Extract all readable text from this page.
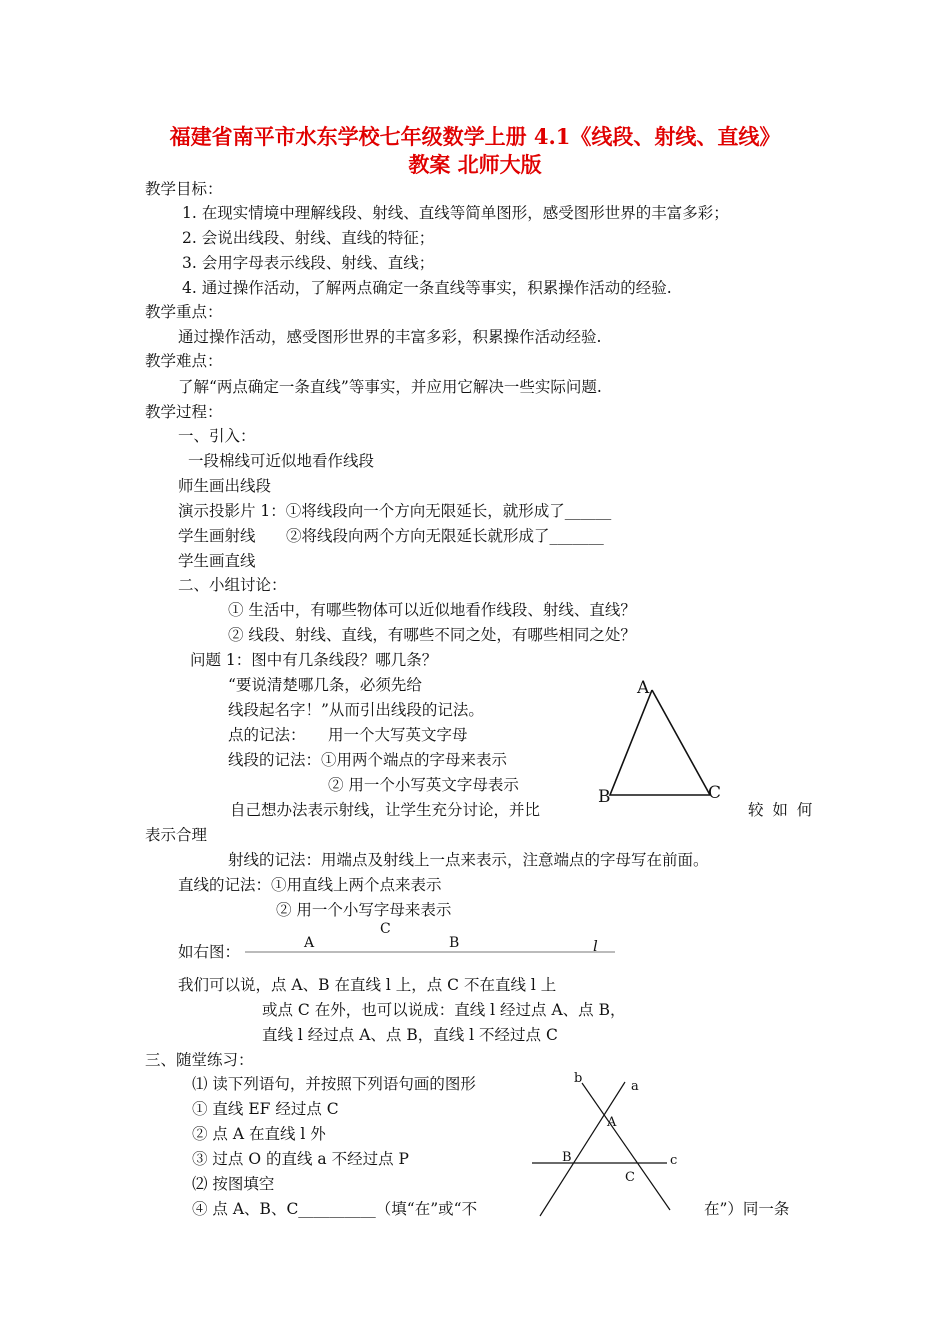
福建省南平市水东学校七年级数学上册 4.1《线段、射线、直线》
教案 北师大版
教学目标：
1. 在现实情境中理解线段、射线、直线等简单图形，感受图形世界的丰富多彩；
2. 会说出线段、射线、直线的特征；
3. 会用字母表示线段、射线、直线；
4. 通过操作活动，了解两点确定一条直线等事实，积累操作活动的经验.
教学重点：
通过操作活动，感受图形世界的丰富多彩，积累操作活动经验.
教学难点：
了解“两点确定一条直线”等事实，并应用它解决一些实际问题.
教学过程：
一、引入：
一段棉线可近似地看作线段
师生画出线段
演示投影片 1：①将线段向一个方向无限延长，就形成了______
学生画射线 ②将线段向两个方向无限延长就形成了_______
学生画直线
二、小组讨论：
① 生活中，有哪些物体可以近似地看作线段、射线、直线？
② 线段、射线、直线，有哪些不同之处，有哪些相同之处？
问题 1：图中有几条线段？哪几条？
“要说清楚哪几条，必须先给
线段起名字！”从而引出线段的记法。
点的记法： 用一个大写英文字母
线段的记法：①用两个端点的字母来表示
② 用一个小写英文字母表示
自己想办法表示射线，让学生充分讨论，并比	较 如 何
表示合理
射线的记法：用端点及射线上一点来表示，注意端点的字母写在前面。
直线的记法：①用直线上两个点来表示
② 用一个小写字母来表示
如右图：
我们可以说，点 A、B 在直线 l 上，点 C 不在直线 l 上
或点 C 在外，也可以说成：直线 l 经过点 A、点 B，
直线 l 经过点 A、点 B，直线 l 不经过点 C
三、随堂练习：
⑴ 读下列语句，并按照下列语句画的图形
① 直线 EF 经过点 C
② 点 A 在直线 l 外
③ 过点 O 的直线 a 不经过点 P
⑵ 按图填空
④ 点 A、B、C__________（填“在”或“不	在”）同一条
A
B	C
C
A	B	l
b
a
A
B
C
c
